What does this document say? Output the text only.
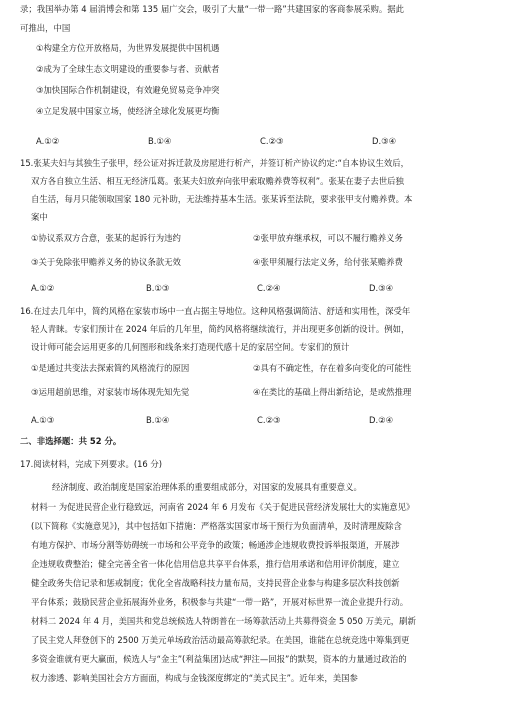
录；我国举办第 4 届消博会和第 135 届广交会，吸引了大量“一带一路”共建国家的客商参展采购。据此
可推出，中国
①构建全方位开放格局，为世界发展提供中国机遇
②成为了全球生态文明建设的重要参与者、贡献者
③加快国际合作机制建设，有效避免贸易竞争冲突
④立足发展中国家立场，使经济全球化发展更均衡
A.①②	B.①④	C.②③	D.③④
15.张某夫妇与其独生子张甲，经公证对拆迁款及房屋进行析产，并签订析产协议约定:“自本协议生效后，
双方各自独立生活、相互无经济瓜葛。张某夫妇放弃向张甲索取赡养费等权利”。张某在妻子去世后独
自生活，每月只能领取国家 180 元补助，无法维持基本生活。张某诉至法院，要求张甲支付赡养费。本
案中
①协议系双方合意，张某的起诉行为违约	②张甲放弃继承权，可以不履行赡养义务
③关于免除张甲赡养义务的协议条款无效	④张甲须履行法定义务，给付张某赡养费
A.①②	B.①③	C.②④	D.③④
16.在过去几年中，简约风格在家装市场中一直占据主导地位。这种风格强调简洁、舒适和实用性，深受年
轻人青睐。专家们预计在 2024 年后的几年里，简约风格将继续流行，并出现更多创新的设计。例如，
设计师可能会运用更多的几何图形和线条来打造现代感十足的家居空间。专家们的预计
①是通过共变法去探索简约风格流行的原因	②具有不确定性，存在着多向变化的可能性
③运用超前思维，对家装市场体现先知先觉	④在类比的基础上得出新结论，是或然推理
A.①③	B.①④	C.②③	D.②④
二、非选择题：共 52 分。
17.阅读材料，完成下列要求。(16 分)
经济制度、政治制度是国家治理体系的重要组成部分，对国家的发展具有重要意义。
材料一 为促进民营企业行稳致远，河南省 2024 年 6 月发布《关于促进民营经济发展壮大的实施意见》
(以下简称《实施意见》)，其中包括如下措施：严格落实国家市场干预行为负面清单，及时清理废除含
有地方保护、市场分割等妨碍统一市场和公平竞争的政策；畅通涉企违规收费投诉举报渠道，开展涉
企违规收费整治；健全完善全省一体化信用信息共享平台体系，推行信用承诺和信用评价制度，建立
健全政务失信记录和惩戒制度；优化全省战略科技力量布局，支持民营企业参与构建多层次科技创新
平台体系；鼓励民营企业拓展海外业务，积极参与共建“一带一路”，开展对标世界一流企业提升行动。
材料二 2024 年 4 月，美国共和党总统候选人特朗普在一场筹款活动上共募得资金 5 050 万美元，刷新
了民主党人拜登创下的 2500 万美元单场政治活动最高筹款纪录。在美国，谁能在总统竞选中筹集到更
多资金谁就有更大赢面，候选人与“金主”(利益集团)达成“押注—回报”的默契，资本的力量通过政治的
权力渗透、影响美国社会方方面面，构成与金钱深度绑定的“美式民主”。近年来，美国参
